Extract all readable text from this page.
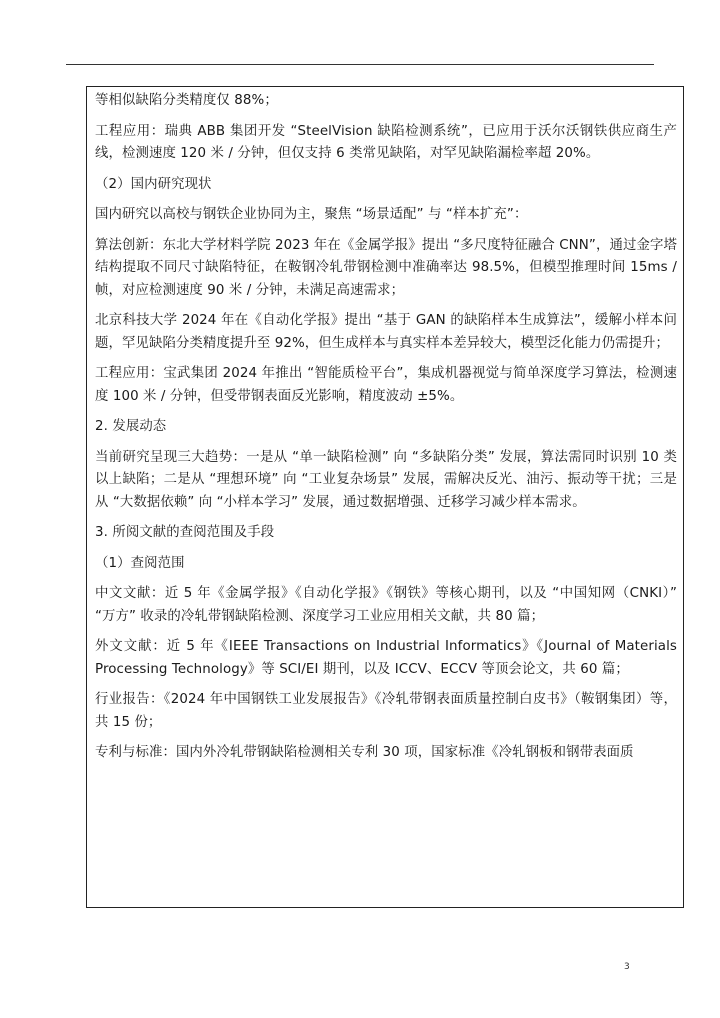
等相似缺陷分类精度仅 88%；

工程应用：瑞典 ABB 集团开发 “SteelVision 缺陷检测系统”，已应用于沃尔沃钢铁供应商生产线，检测速度 120 米 / 分钟，但仅支持 6 类常见缺陷，对罕见缺陷漏检率超 20%。

（2）国内研究现状

国内研究以高校与钢铁企业协同为主，聚焦 “场景适配” 与 “样本扩充”：

算法创新：东北大学材料学院 2023 年在《金属学报》提出 “多尺度特征融合 CNN”，通过金字塔结构提取不同尺寸缺陷特征，在鞍钢冷轧带钢检测中准确率达 98.5%，但模型推理时间 15ms / 帧，对应检测速度 90 米 / 分钟，未满足高速需求；

北京科技大学 2024 年在《自动化学报》提出 “基于 GAN 的缺陷样本生成算法”，缓解小样本问题，罕见缺陷分类精度提升至 92%，但生成样本与真实样本差异较大，模型泛化能力仍需提升；

工程应用：宝武集团 2024 年推出 “智能质检平台”，集成机器视觉与简单深度学习算法，检测速度 100 米 / 分钟，但受带钢表面反光影响，精度波动 ±5%。

2. 发展动态

当前研究呈现三大趋势：一是从 “单一缺陷检测” 向 “多缺陷分类” 发展，算法需同时识别 10 类以上缺陷；二是从 “理想环境” 向 “工业复杂场景” 发展，需解决反光、油污、振动等干扰；三是从 “大数据依赖” 向 “小样本学习” 发展，通过数据增强、迁移学习减少样本需求。

3. 所阅文献的查阅范围及手段

（1）查阅范围

中文文献：近 5 年《金属学报》《自动化学报》《钢铁》等核心期刊，以及 “中国知网（CNKI）” “万方” 收录的冷轧带钢缺陷检测、深度学习工业应用相关文献，共 80 篇；

外文文献：近 5 年《IEEE Transactions on Industrial Informatics》《Journal of Materials Processing Technology》等 SCI/EI 期刊，以及 ICCV、ECCV 等顶会论文，共 60 篇；

行业报告：《2024 年中国钢铁工业发展报告》《冷轧带钢表面质量控制白皮书》（鞍钢集团）等，共 15 份；

专利与标准：国内外冷轧带钢缺陷检测相关专利 30 项，国家标准《冷轧钢板和钢带表面质

3
